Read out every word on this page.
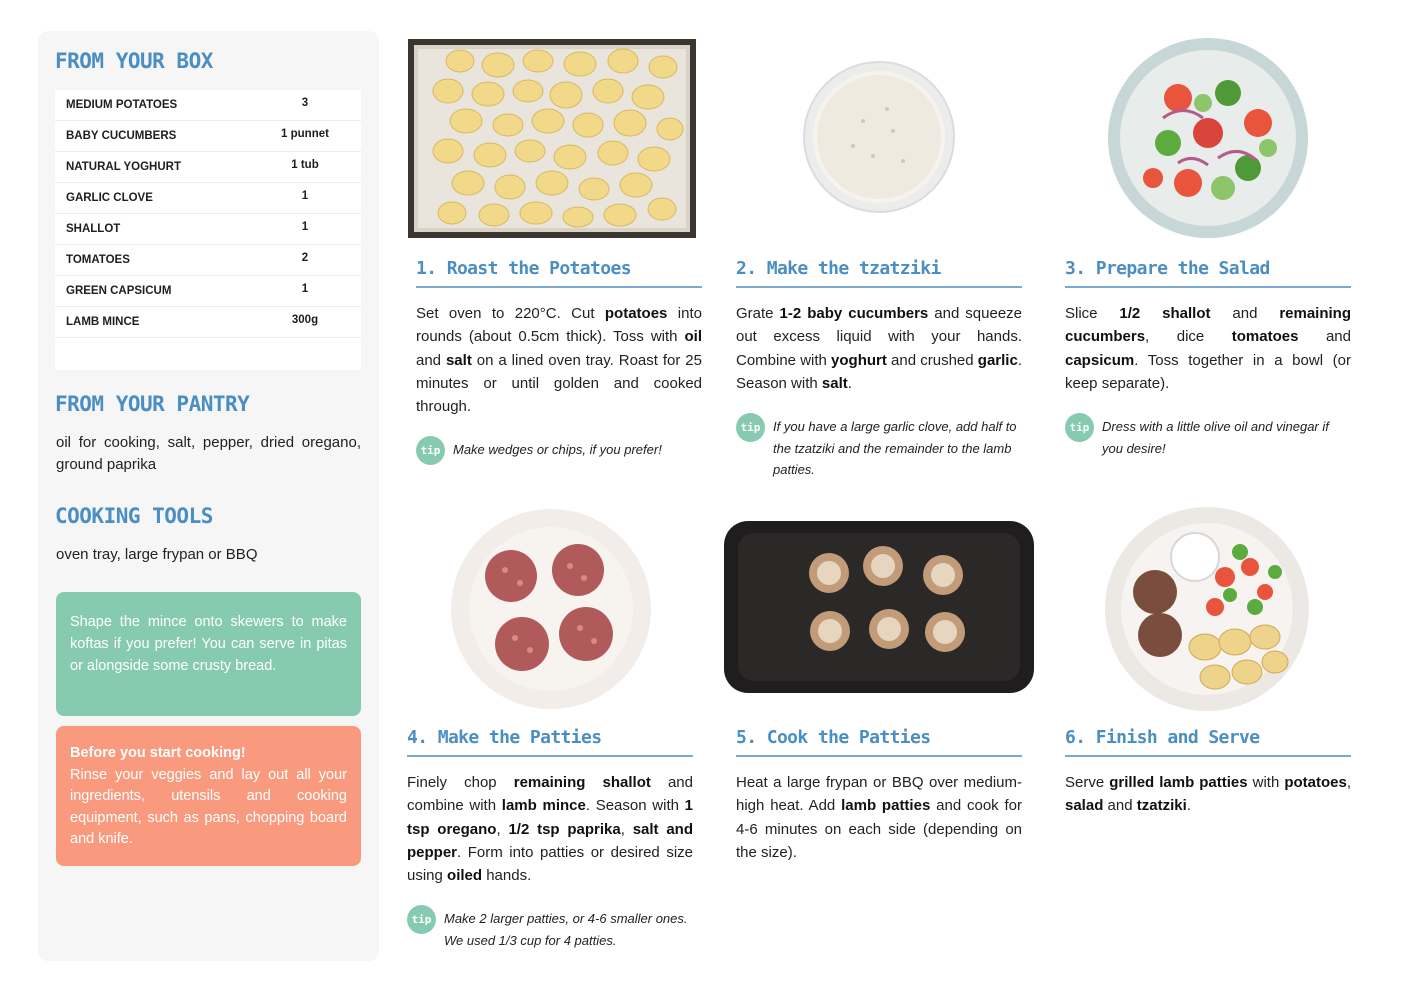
FROM YOUR BOX
MEDIUM POTATOES	3
BABY CUCUMBERS	1 punnet
NATURAL YOGHURT	1 tub
GARLIC CLOVE	1
SHALLOT	1
TOMATOES	2
GREEN CAPSICUM	1
LAMB MINCE	300g
FROM YOUR PANTRY
oil for cooking, salt, pepper, dried oregano, ground paprika
COOKING TOOLS
oven tray, large frypan or BBQ
Shape the mince onto skewers to make koftas if you prefer! You can serve in pitas or alongside some crusty bread.
Before you start cooking!
Rinse your veggies and lay out all your ingredients, utensils and cooking equipment, such as pans, chopping board and knife.
1. Roast the Potatoes
Set oven to 220°C. Cut potatoes into rounds (about 0.5cm thick). Toss with oil and salt on a lined oven tray. Roast for 25 minutes or until golden and cooked through.
tip Make wedges or chips, if you prefer!
2. Make the tzatziki
Grate 1-2 baby cucumbers and squeeze out excess liquid with your hands. Combine with yoghurt and crushed garlic. Season with salt.
tip If you have a large garlic clove, add half to the tzatziki and the remainder to the lamb patties.
3. Prepare the Salad
Slice 1/2 shallot and remaining cucumbers, dice tomatoes and capsicum. Toss together in a bowl (or keep separate).
tip Dress with a little olive oil and vinegar if you desire!
4. Make the Patties
Finely chop remaining shallot and combine with lamb mince. Season with 1 tsp oregano, 1/2 tsp paprika, salt and pepper. Form into patties or desired size using oiled hands.
tip Make 2 larger patties, or 4-6 smaller ones. We used 1/3 cup for 4 patties.
5. Cook the Patties
Heat a large frypan or BBQ over medium-high heat. Add lamb patties and cook for 4-6 minutes on each side (depending on the size).
6. Finish and Serve
Serve grilled lamb patties with potatoes, salad and tzatziki.
